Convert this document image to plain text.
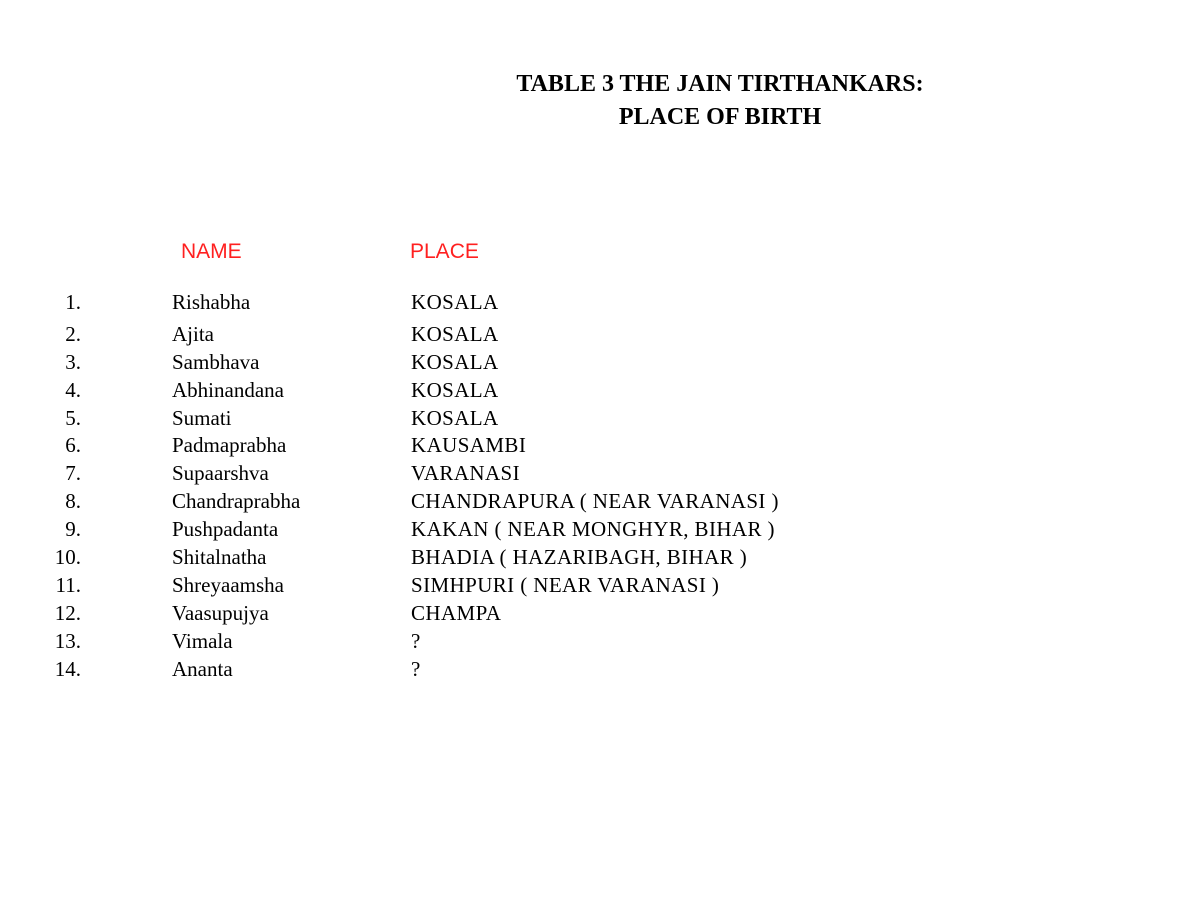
TABLE 3 THE JAIN TIRTHANKARS:
PLACE OF BIRTH
NAME	PLACE
1.	Rishabha	KOSALA
2.	Ajita	KOSALA
3.	Sambhava	KOSALA
4.	Abhinandana	KOSALA
5.	Sumati	KOSALA
6.	Padmaprabha	KAUSAMBI
7.	Supaarshva	VARANASI
8.	Chandraprabha	CHANDRAPURA ( NEAR VARANASI )
9.	Pushpadanta	KAKAN ( NEAR MONGHYR, BIHAR )
10.	Shitalnatha	BHADIA ( HAZARIBAGH, BIHAR )
11.	Shreyaamsha	SIMHPURI ( NEAR VARANASI )
12.	Vaasupujya	CHAMPA
13.	Vimala	?
14.	Ananta	?
